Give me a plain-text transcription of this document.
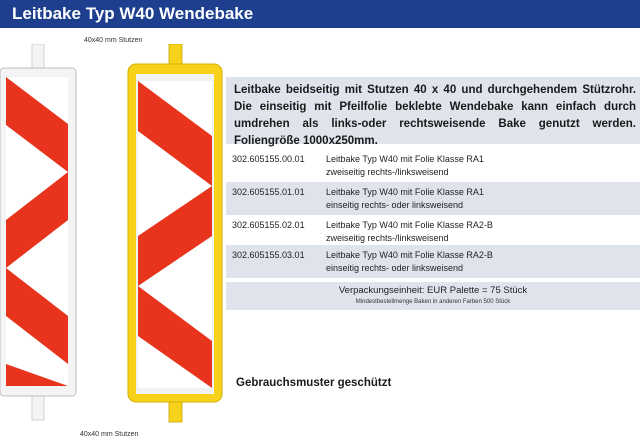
Leitbake Typ W40 Wendebake
40x40 mm Stutzen
40x40 mm Stutzen

Leitbake beidseitig mit Stutzen 40 x 40 und durchgehendem Stützrohr. Die einseitig mit Pfeilfolie beklebte Wendebake kann einfach durch umdrehen als links-oder rechtsweisende Bake genutzt werden. Foliengröße 1000x250mm.

302.605155.00.01 Leitbake Typ W40 mit Folie Klasse RA1
zweiseitig rechts-/linksweisend
302.605155.01.01 Leitbake Typ W40 mit Folie Klasse RA1
einseitig rechts- oder linksweisend
302.605155.02.01 Leitbake Typ W40 mit Folie Klasse RA2-B
zweiseitig rechts-/linksweisend
302.605155.03.01 Leitbake Typ W40 mit Folie Klasse RA2-B
einseitig rechts- oder linksweisend
Verpackungseinheit: EUR Palette = 75 Stück
Mindestbestellmenge Baken in anderen Farben 500 Stück
Gebrauchsmuster geschützt
